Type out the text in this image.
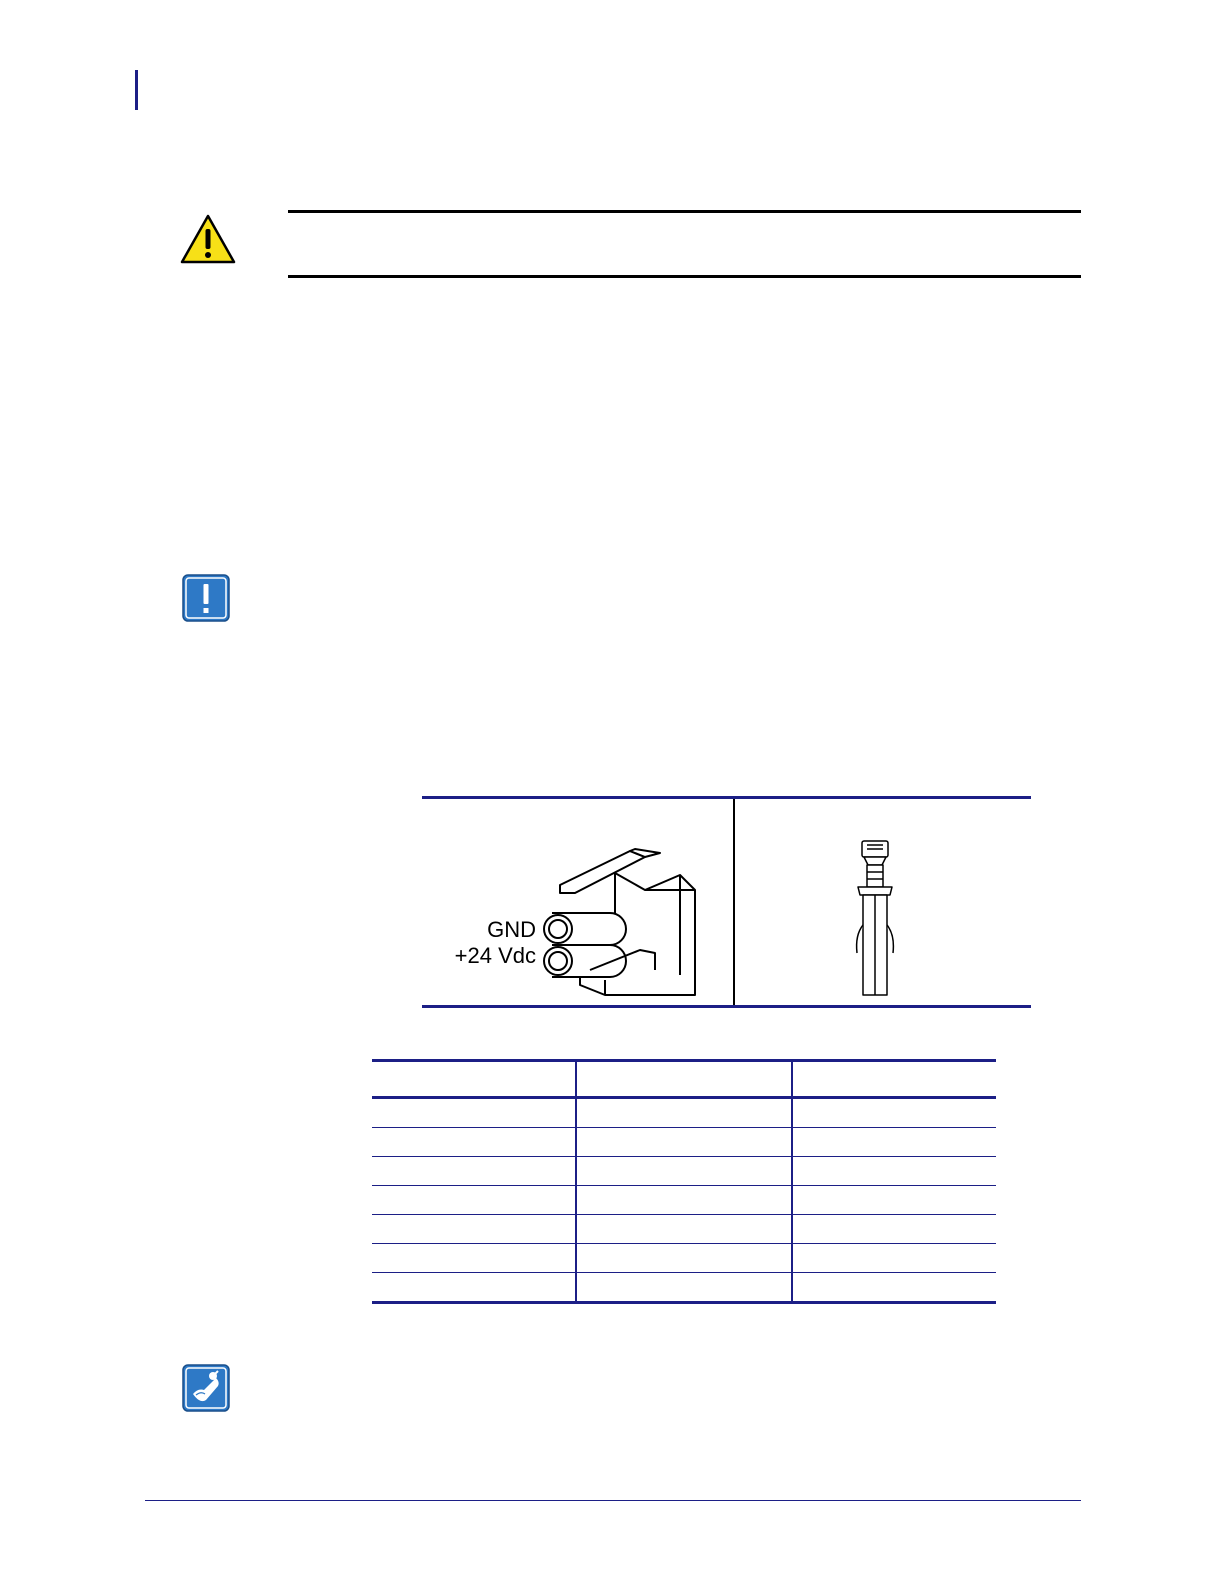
GND
+24 Vdc
